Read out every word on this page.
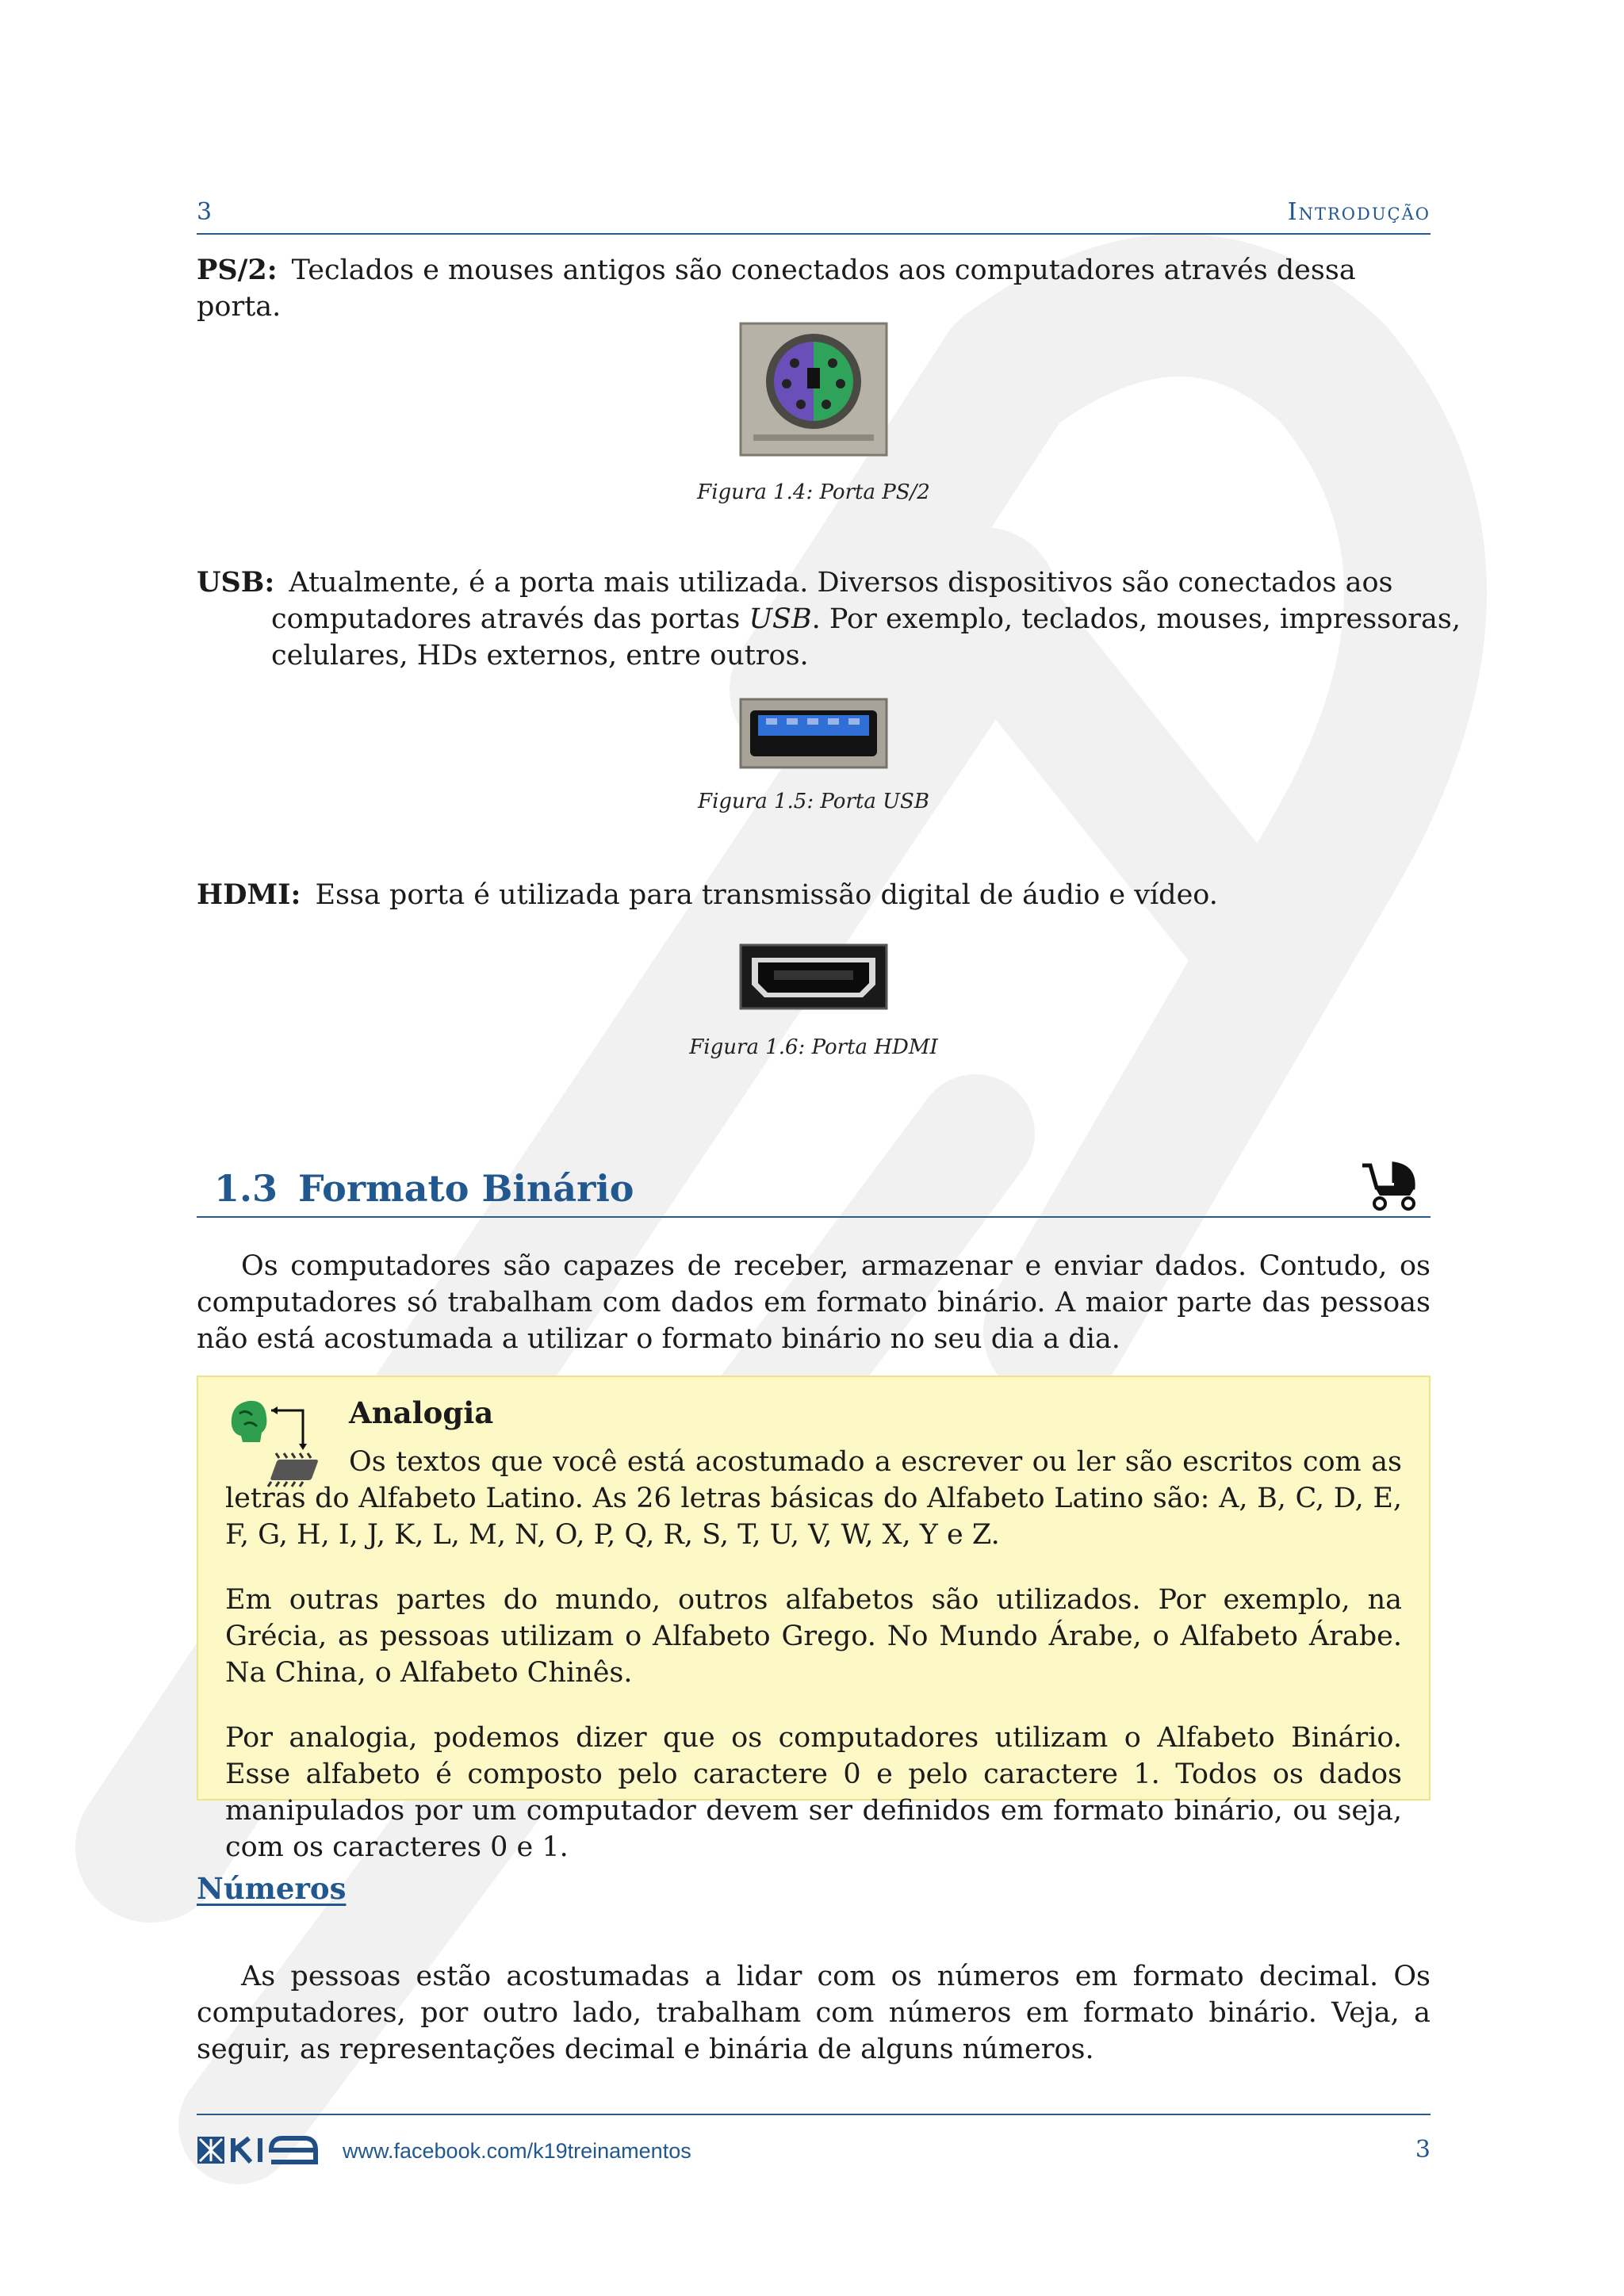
3	Introdução
PS/2: Teclados e mouses antigos são conectados aos computadores através dessa porta.
Figura 1.4: Porta PS/2
USB: Atualmente, é a porta mais utilizada. Diversos dispositivos são conectados aos computadores através das portas USB. Por exemplo, teclados, mouses, impressoras, celulares, HDs externos, entre outros.
Figura 1.5: Porta USB
HDMI: Essa porta é utilizada para transmissão digital de áudio e vídeo.
Figura 1.6: Porta HDMI
1.3 Formato Binário
Os computadores são capazes de receber, armazenar e enviar dados. Contudo, os computadores só trabalham com dados em formato binário. A maior parte das pessoas não está acostumada a utilizar o formato binário no seu dia a dia.
Analogia

Os textos que você está acostumado a escrever ou ler são escritos com as letras do Alfabeto Latino. As 26 letras básicas do Alfabeto Latino são: A, B, C, D, E, F, G, H, I, J, K, L, M, N, O, P, Q, R, S, T, U, V, W, X, Y e Z.

Em outras partes do mundo, outros alfabetos são utilizados. Por exemplo, na Grécia, as pessoas utilizam o Alfabeto Grego. No Mundo Árabe, o Alfabeto Árabe. Na China, o Alfabeto Chinês.

Por analogia, podemos dizer que os computadores utilizam o Alfabeto Binário. Esse alfabeto é composto pelo caractere 0 e pelo caractere 1. Todos os dados manipulados por um computador devem ser definidos em formato binário, ou seja, com os caracteres 0 e 1.

Números
As pessoas estão acostumadas a lidar com os números em formato decimal. Os computadores, por outro lado, trabalham com números em formato binário. Veja, a seguir, as representações decimal e binária de alguns números.
www.facebook.com/k19treinamentos	3
